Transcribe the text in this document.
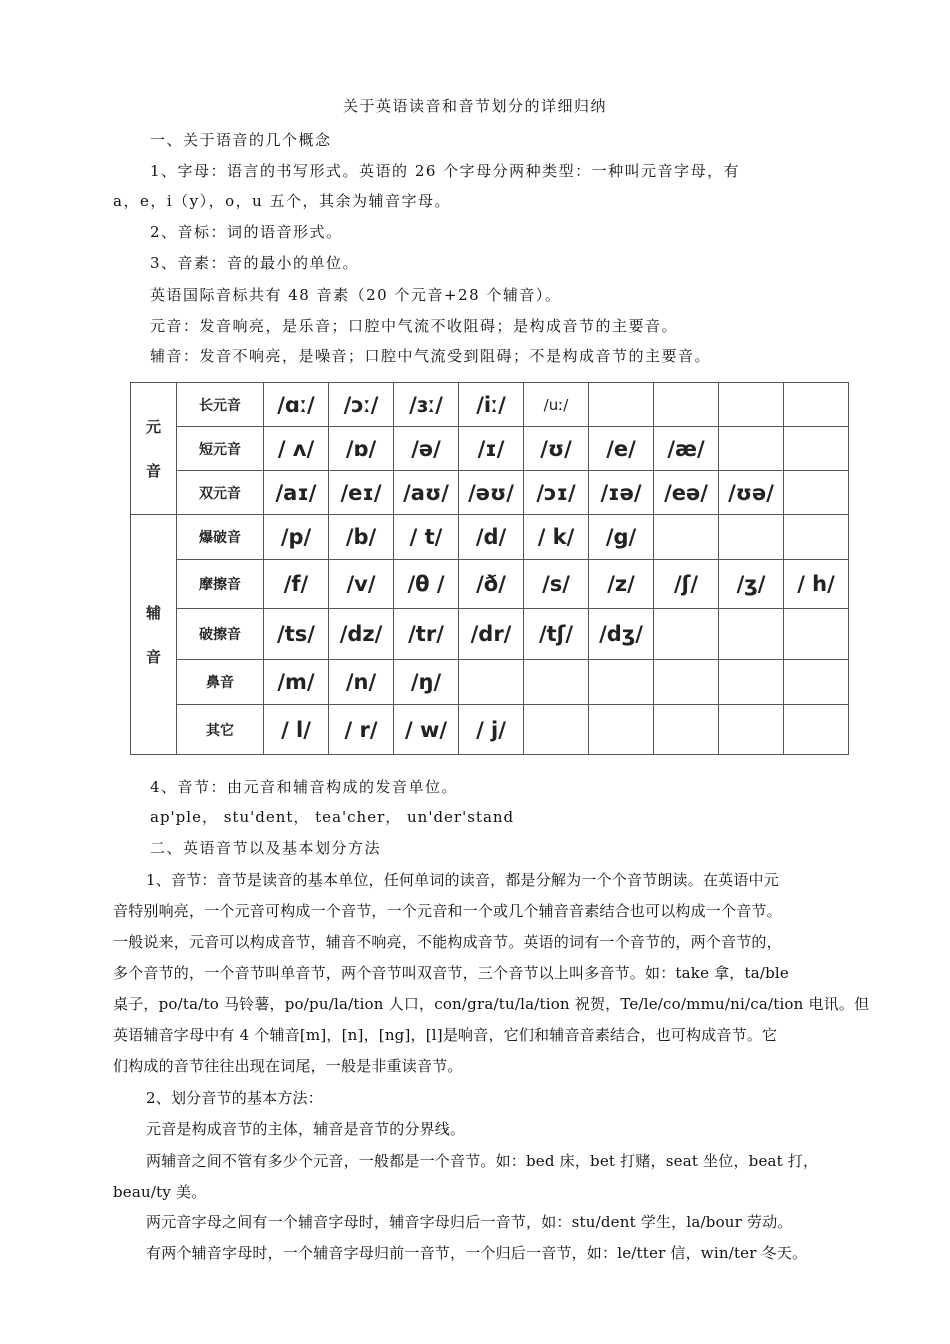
关于英语读音和音节划分的详细归纳
一、关于语音的几个概念
1、字母：语言的书写形式。英语的 26 个字母分两种类型：一种叫元音字母，有
a，e，i（y），o，u 五个，其余为辅音字母。
2、音标：词的语音形式。
3、音素：音的最小的单位。
英语国际音标共有 48 音素（20 个元音+28 个辅音）。
元音：发音响亮，是乐音；口腔中气流不收阻碍；是构成音节的主要音。
辅音：发音不响亮，是噪音；口腔中气流受到阻碍；不是构成音节的主要音。
元
音	长元音	/ɑː/	/ɔː/	/ɜː/	/iː/	/uː/				
	短元音	/ ʌ/	/ɒ/	/ə/	/ɪ/	/ʊ/	/e/	/æ/		
	双元音	/aɪ/	/eɪ/	/aʊ/	/əʊ/	/ɔɪ/	/ɪə/	/eə/	/ʊə/	

辅
音	爆破音	/p/	/b/	/ t/	/d/	/ k/	/g/			
	摩擦音	/f/	/v/	/θ /	/ð/	/s/	/z/	/ʃ/	/ʒ/	/ h/
	破擦音	/ts/	/dz/	/tr/	/dr/	/tʃ/	/dʒ/			
	鼻音	/m/	/n/	/ŋ/						
	其它	/ l/	/ r/	/ w/	/ j/					
4、音节：由元音和辅音构成的发音单位。
ap'ple， stu'dent， tea'cher， un'der'stand
二、英语音节以及基本划分方法
1、音节：音节是读音的基本单位，任何单词的读音，都是分解为一个个音节朗读。在英语中元
音特别响亮，一个元音可构成一个音节，一个元音和一个或几个辅音音素结合也可以构成一个音节。
一般说来，元音可以构成音节，辅音不响亮，不能构成音节。英语的词有一个音节的，两个音节的，
多个音节的，一个音节叫单音节，两个音节叫双音节，三个音节以上叫多音节。如：take 拿，ta/ble
桌子，po/ta/to 马铃薯，po/pu/la/tion 人口，con/gra/tu/la/tion 祝贺，Te/le/co/mmu/ni/ca/tion 电讯。但
英语辅音字母中有 4 个辅音[m]，[n]，[ng]，[l]是响音，它们和辅音音素结合，也可构成音节。它
们构成的音节往往出现在词尾，一般是非重读音节。
2、划分音节的基本方法：
元音是构成音节的主体，辅音是音节的分界线。
两辅音之间不管有多少个元音，一般都是一个音节。如：bed 床，bet 打赌，seat 坐位，beat 打，
beau/ty 美。
两元音字母之间有一个辅音字母时，辅音字母归后一音节，如：stu/dent 学生，la/bour 劳动。
有两个辅音字母时，一个辅音字母归前一音节，一个归后一音节，如：le/tter 信，win/ter 冬天。
